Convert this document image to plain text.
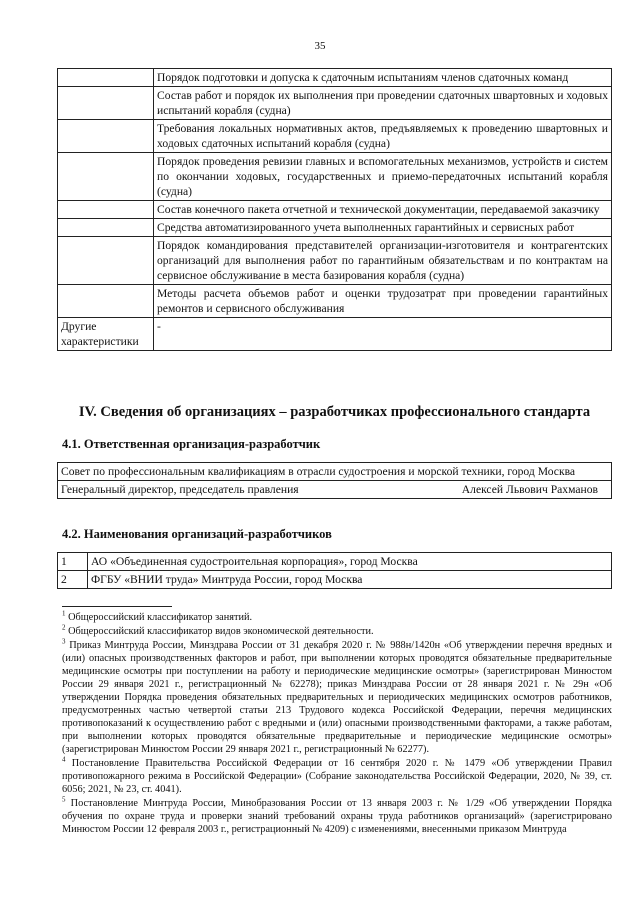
35
	Порядок подготовки и допуска к сдаточным испытаниям членов сдаточных команд
	Состав работ и порядок их выполнения при проведении сдаточных швартовных и ходовых испытаний корабля (судна)
	Требования локальных нормативных актов, предъявляемых к проведению швартовных и ходовых сдаточных испытаний корабля (судна)
	Порядок проведения ревизии главных и вспомогательных механизмов, устройств и систем по окончании ходовых, государственных и приемо-передаточных испытаний корабля (судна)
	Состав конечного пакета отчетной и технической документации, передаваемой заказчику
	Средства автоматизированного учета выполненных гарантийных и сервисных работ
	Порядок командирования представителей организации-изготовителя и контрагентских организаций для выполнения работ по гарантийным обязательствам и по контрактам на сервисное обслуживание в места базирования корабля (судна)
	Методы расчета объемов работ и оценки трудозатрат при проведении гарантийных ремонтов и сервисного обслуживания
Другие характеристики	-
IV. Сведения об организациях – разработчиках профессионального стандарта
4.1. Ответственная организация-разработчик
Совет по профессиональным квалификациям в отрасли судостроения и морской техники, город Москва

Генеральный директор, председатель правления	Алексей Львович Рахманов
4.2. Наименования организаций-разработчиков
1	АО «Объединенная судостроительная корпорация», город Москва
2	ФГБУ «ВНИИ труда» Минтруда России, город Москва

$^1$ Общероссийский классификатор занятий.

$^2$ Общероссийский классификатор видов экономической деятельности.

$^3$ Приказ Минтруда России, Минздрава России от 31 декабря 2020 г. № 988н/1420н «Об утверждении перечня вредных и (или) опасных производственных факторов и работ, при выполнении которых проводятся обязательные предварительные медицинские осмотры при поступлении на работу и периодические медицинские осмотры» (зарегистрирован Минюстом России 29 января 2021 г., регистрационный № 62278); приказ Минздрава России от 28 января 2021 г. № 29н «Об утверждении Порядка проведения обязательных предварительных и периодических медицинских осмотров работников, предусмотренных частью четвертой статьи 213 Трудового кодекса Российской Федерации, перечня медицинских противопоказаний к осуществлению работ с вредными и (или) опасными производственными факторами, а также работам, при выполнении которых проводятся обязательные предварительные и периодические медицинские осмотры» (зарегистрирован Минюстом России 29 января 2021 г., регистрационный № 62277).

$^4$ Постановление Правительства Российской Федерации от 16 сентября 2020 г. № 1479 «Об утверждении Правил противопожарного режима в Российской Федерации» (Собрание законодательства Российской Федерации, 2020, № 39, ст. 6056; 2021, № 23, ст. 4041).

$^5$ Постановление Минтруда России, Минобразования России от 13 января 2003 г. № 1/29 «Об утверждении Порядка обучения по охране труда и проверки знаний требований охраны труда работников организаций» (зарегистрировано Минюстом России 12 февраля 2003 г., регистрационный № 4209) с изменениями, внесенными приказом Минтруда
